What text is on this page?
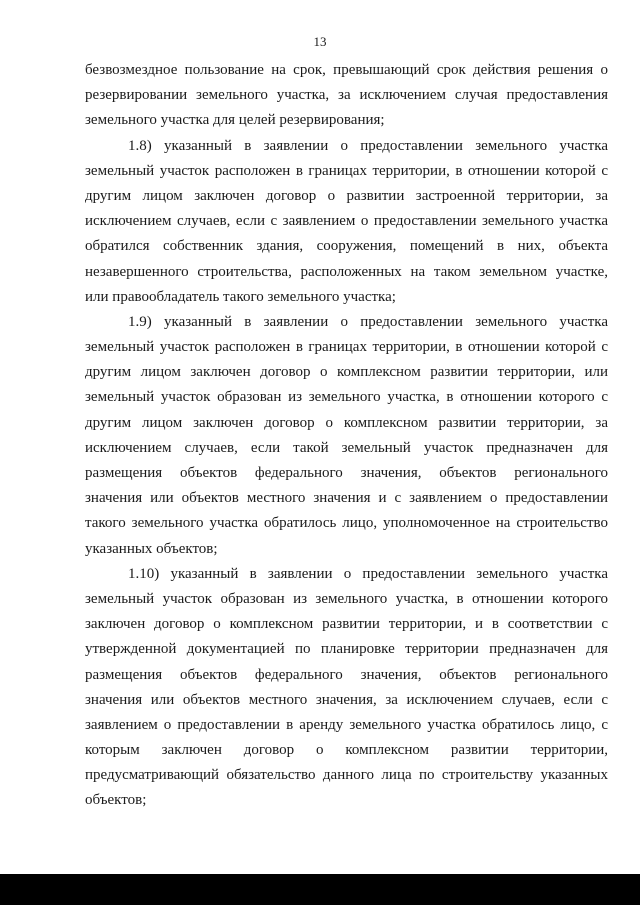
13
безвозмездное пользование на срок, превышающий срок действия решения о
резервировании земельного участка, за исключением случая предоставления
земельного участка для целей резервирования;
1.8) указанный в заявлении о предоставлении земельного участка
земельный участок расположен в границах территории, в отношении которой с
другим лицом заключен договор о развитии застроенной территории, за
исключением случаев, если с заявлением о предоставлении земельного участка
обратился собственник здания, сооружения, помещений в них, объекта
незавершенного строительства, расположенных на таком земельном участке,
или правообладатель такого земельного участка;
1.9) указанный в заявлении о предоставлении земельного участка
земельный участок расположен в границах территории, в отношении которой с
другим лицом заключен договор о комплексном развитии территории, или
земельный участок образован из земельного участка, в отношении которого с
другим лицом заключен договор о комплексном развитии территории, за
исключением случаев, если такой земельный участок предназначен для
размещения объектов федерального значения, объектов регионального
значения или объектов местного значения и с заявлением о предоставлении
такого земельного участка обратилось лицо, уполномоченное на строительство
указанных объектов;
1.10) указанный в заявлении о предоставлении земельного участка
земельный участок образован из земельного участка, в отношении которого
заключен договор о комплексном развитии территории, и в соответствии с
утвержденной документацией по планировке территории предназначен для
размещения объектов федерального значения, объектов регионального
значения или объектов местного значения, за исключением случаев, если с
заявлением о предоставлении в аренду земельного участка обратилось лицо, с
которым заключен договор о комплексном развитии территории,
предусматривающий обязательство данного лица по строительству указанных
объектов;
